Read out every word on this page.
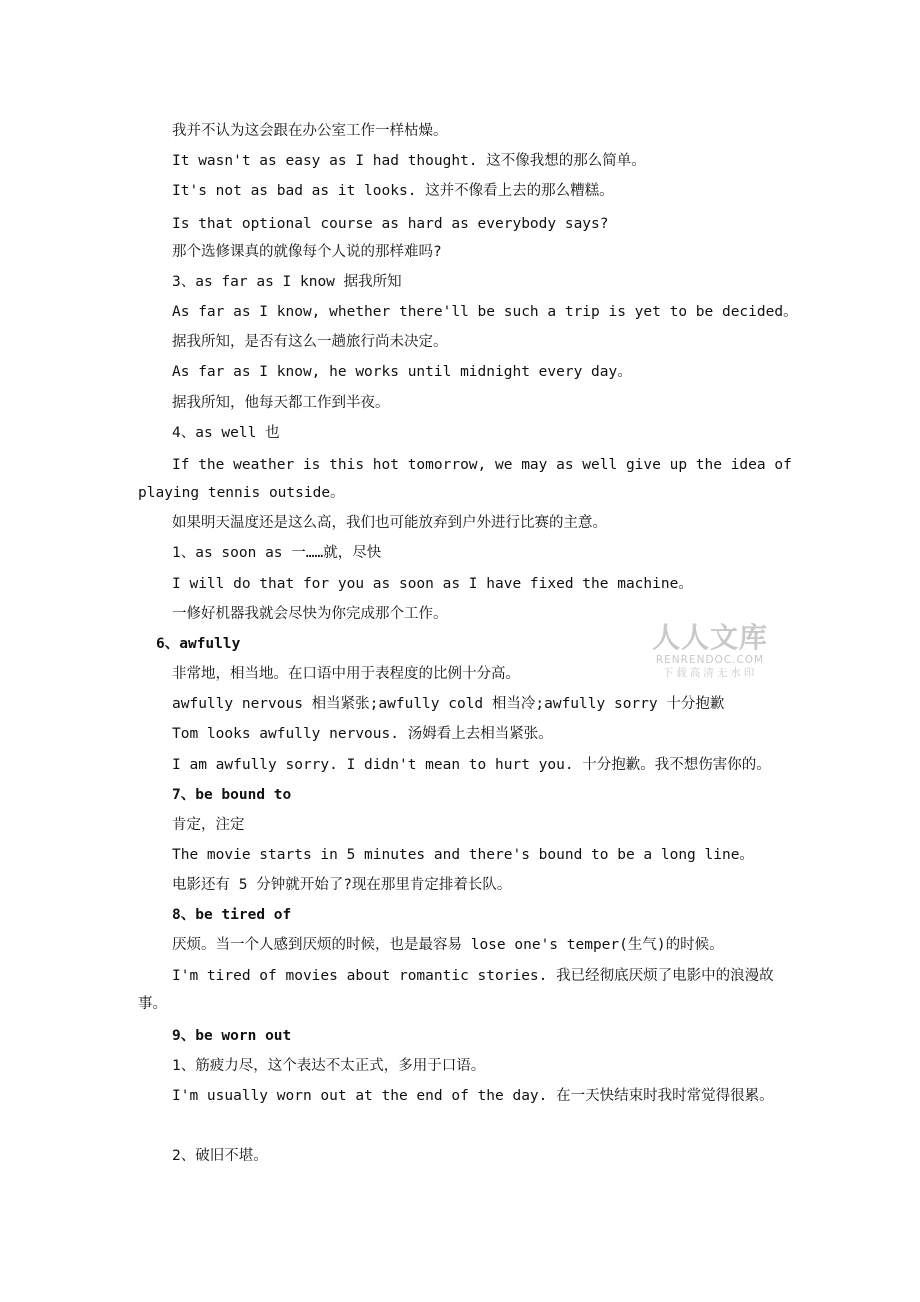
我并不认为这会跟在办公室工作一样枯燥。
It wasn't as easy as I had thought. 这不像我想的那么简单。
It's not as bad as it looks. 这并不像看上去的那么糟糕。
Is that optional course as hard as everybody says?
那个选修课真的就像每个人说的那样难吗?
3、as far as I know 据我所知
As far as I know, whether there'll be such a trip is yet to be decided。
据我所知，是否有这么一趟旅行尚未决定。
As far as I know, he works until midnight every day。
据我所知，他每天都工作到半夜。
4、as well 也
If the weather is this hot tomorrow, we may as well give up the idea of
playing tennis outside。
如果明天温度还是这么高，我们也可能放弃到户外进行比赛的主意。
1、as soon as 一……就，尽快
I will do that for you as soon as I have fixed the machine。
一修好机器我就会尽快为你完成那个工作。
6、awfully
非常地，相当地。在口语中用于表程度的比例十分高。
awfully nervous 相当紧张;awfully cold 相当冷;awfully sorry 十分抱歉
Tom looks awfully nervous. 汤姆看上去相当紧张。
I am awfully sorry. I didn't mean to hurt you. 十分抱歉。我不想伤害你的。
7、be bound to
肯定，注定
The movie starts in 5 minutes and there's bound to be a long line。
电影还有 5 分钟就开始了?现在那里肯定排着长队。
8、be tired of
厌烦。当一个人感到厌烦的时候，也是最容易 lose one's temper(生气)的时候。
I'm tired of movies about romantic stories. 我已经彻底厌烦了电影中的浪漫故
事。
9、be worn out
1、筋疲力尽，这个表达不太正式，多用于口语。
I'm usually worn out at the end of the day. 在一天快结束时我时常觉得很累。
2、破旧不堪。
人人文库
RENRENDOC.COM
下载高清无水印
